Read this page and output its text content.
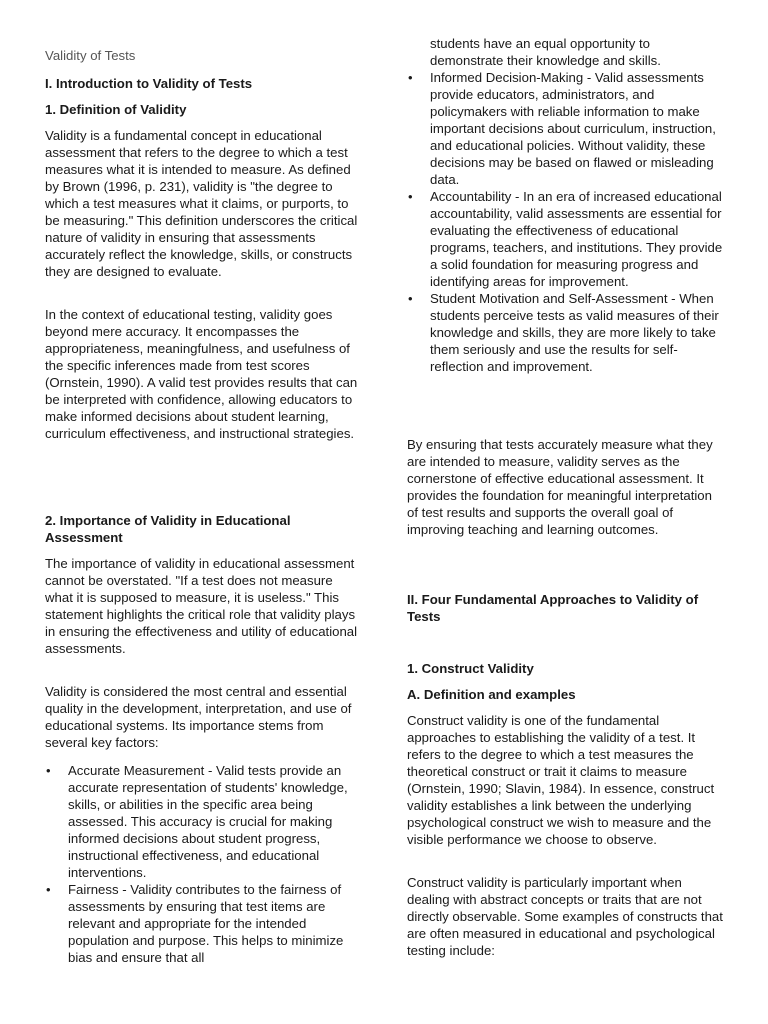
Validity of Tests
I. Introduction to Validity of Tests
1. Definition of Validity

Validity is a fundamental concept in educational assessment that refers to the degree to which a test measures what it is intended to measure. As defined by Brown (1996, p. 231), validity is "the degree to which a test measures what it claims, or purports, to be measuring." This definition underscores the critical nature of validity in ensuring that assessments accurately reflect the knowledge, skills, or constructs they are designed to evaluate.

In the context of educational testing, validity goes beyond mere accuracy. It encompasses the appropriateness, meaningfulness, and usefulness of the specific inferences made from test scores (Ornstein, 1990). A valid test provides results that can be interpreted with confidence, allowing educators to make informed decisions about student learning, curriculum effectiveness, and instructional strategies.

2. Importance of Validity in Educational Assessment

The importance of validity in educational assessment cannot be overstated. "If a test does not measure what it is supposed to measure, it is useless." This statement highlights the critical role that validity plays in ensuring the effectiveness and utility of educational assessments.

Validity is considered the most central and essential quality in the development, interpretation, and use of educational systems. Its importance stems from several key factors:

• Accurate Measurement - Valid tests provide an accurate representation of students' knowledge, skills, or abilities in the specific area being assessed. This accuracy is crucial for making informed decisions about student progress, instructional effectiveness, and educational interventions.
• Fairness - Validity contributes to the fairness of assessments by ensuring that test items are relevant and appropriate for the intended population and purpose. This helps to minimize bias and ensure that all

students have an equal opportunity to demonstrate their knowledge and skills.

• Informed Decision-Making - Valid assessments provide educators, administrators, and policymakers with reliable information to make important decisions about curriculum, instruction, and educational policies. Without validity, these decisions may be based on flawed or misleading data.
• Accountability - In an era of increased educational accountability, valid assessments are essential for evaluating the effectiveness of educational programs, teachers, and institutions. They provide a solid foundation for measuring progress and identifying areas for improvement.
• Student Motivation and Self-Assessment - When students perceive tests as valid measures of their knowledge and skills, they are more likely to take them seriously and use the results for self-reflection and improvement.

By ensuring that tests accurately measure what they are intended to measure, validity serves as the cornerstone of effective educational assessment. It provides the foundation for meaningful interpretation of test results and supports the overall goal of improving teaching and learning outcomes.

II. Four Fundamental Approaches to Validity of Tests
1. Construct Validity
A. Definition and examples

Construct validity is one of the fundamental approaches to establishing the validity of a test. It refers to the degree to which a test measures the theoretical construct or trait it claims to measure (Ornstein, 1990; Slavin, 1984). In essence, construct validity establishes a link between the underlying psychological construct we wish to measure and the visible performance we choose to observe.

Construct validity is particularly important when dealing with abstract concepts or traits that are not directly observable. Some examples of constructs that are often measured in educational and psychological testing include:
